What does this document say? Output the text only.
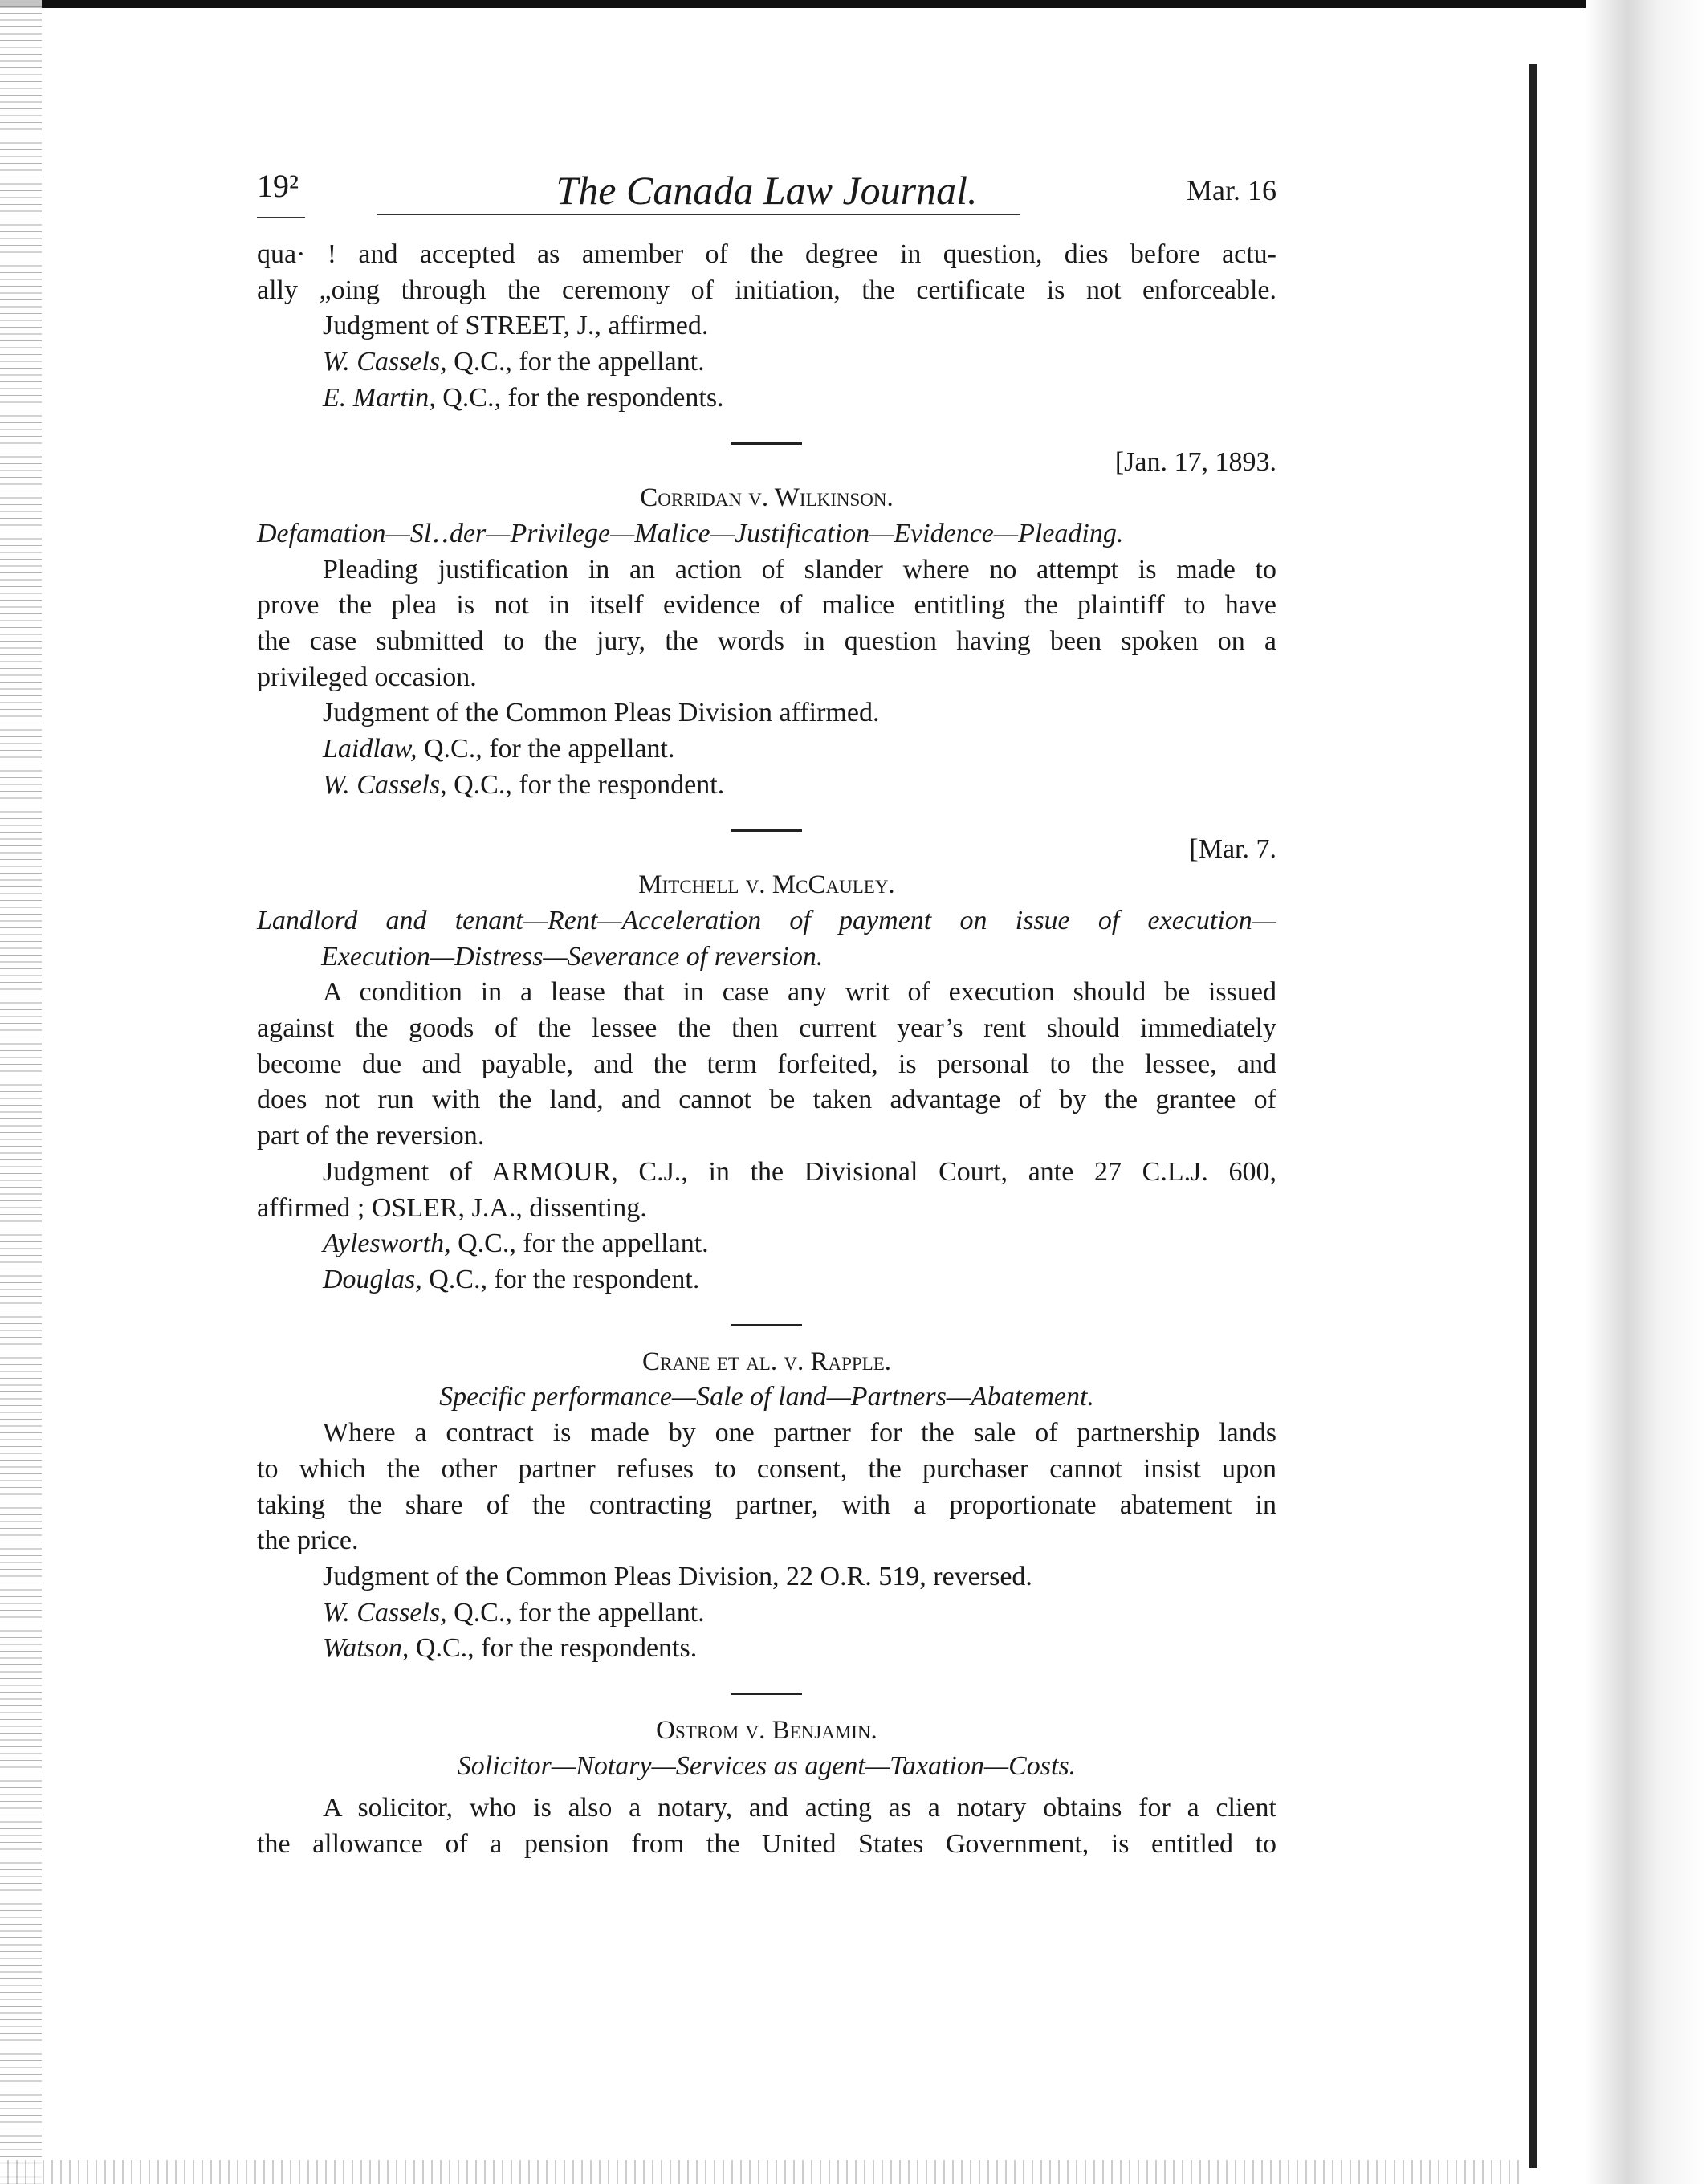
19²	The Canada Law Journal.	Mar. 16

qua· ! and accepted as amember of the degree in question, dies before actu-

ally „oing through the ceremony of initiation, the certificate is not enforceable.

Judgment of STREET, J., affirmed.

W. Cassels, Q.C., for the appellant.

E. Martin, Q.C., for the respondents.

[Jan. 17, 1893.

Corridan v. Wilkinson.

Defamation—Sl․․der—Privilege—Malice—Justification—Evidence—Pleading.

Pleading justification in an action of slander where no attempt is made to

prove the plea is not in itself evidence of malice entitling the plaintiff to have

the case submitted to the jury, the words in question having been spoken on a

privileged occasion.

Judgment of the Common Pleas Division affirmed.

Laidlaw, Q.C., for the appellant.

W. Cassels, Q.C., for the respondent.

[Mar. 7.

Mitchell v. McCauley.

Landlord and tenant—Rent—Acceleration of payment on issue of execution—

Execution—Distress—Severance of reversion.

A condition in a lease that in case any writ of execution should be issued

against the goods of the lessee the then current year’s rent should immediately

become due and payable, and the term forfeited, is personal to the lessee, and

does not run with the land, and cannot be taken advantage of by the grantee of

part of the reversion.

Judgment of ARMOUR, C.J., in the Divisional Court, ante 27 C.L.J. 600,

affirmed ; OSLER, J.A., dissenting.

Aylesworth, Q.C., for the appellant.

Douglas, Q.C., for the respondent.

Crane et al. v. Rapple.

Specific performance—Sale of land—Partners—Abatement.

Where a contract is made by one partner for the sale of partnership lands

to which the other partner refuses to consent, the purchaser cannot insist upon

taking the share of the contracting partner, with a proportionate abatement in

the price.

Judgment of the Common Pleas Division, 22 O.R. 519, reversed.

W. Cassels, Q.C., for the appellant.

Watson, Q.C., for the respondents.

Ostrom v. Benjamin.

Solicitor—Notary—Services as agent—Taxation—Costs.

A solicitor, who is also a notary, and acting as a notary obtains for a client

the allowance of a pension from the United States Government, is entitled to
